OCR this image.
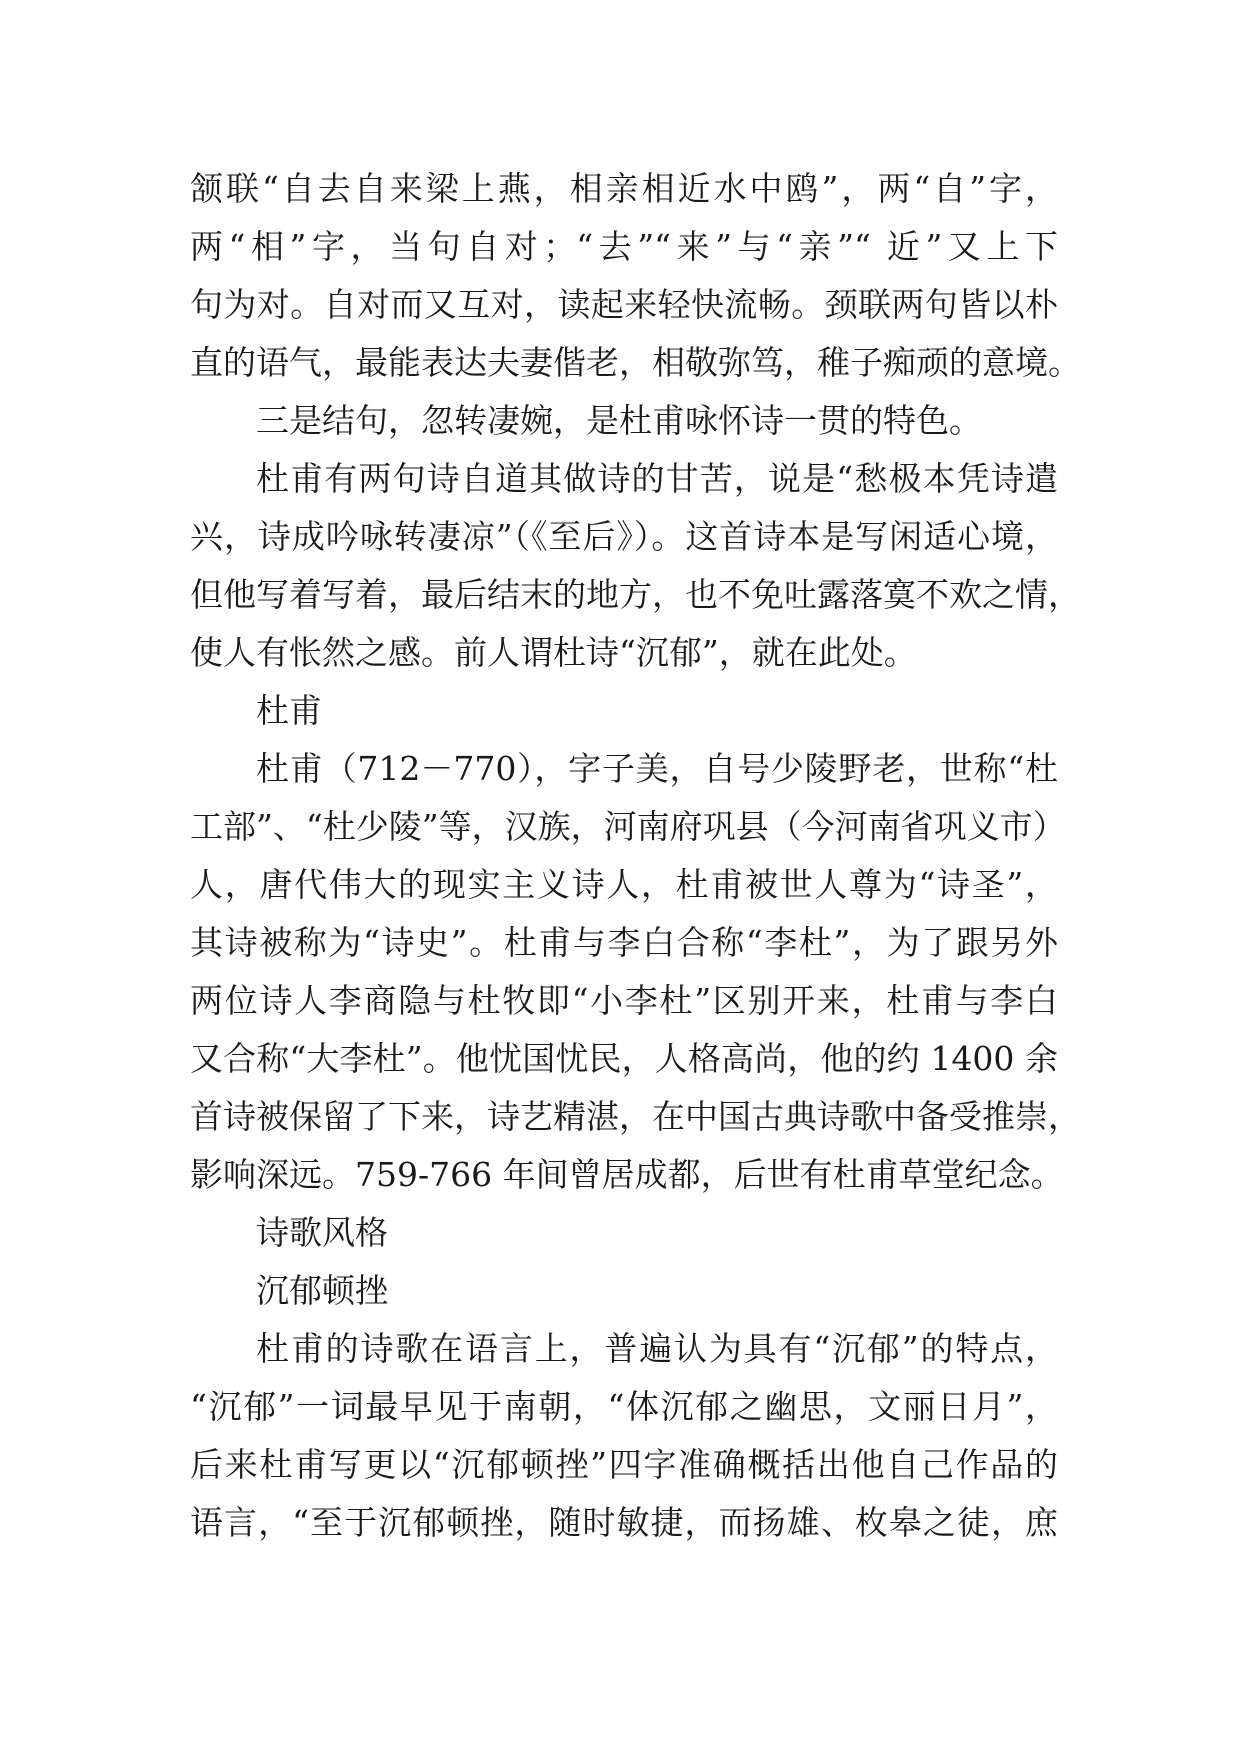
颔联“自去自来梁上燕，相亲相近水中鸥”，两“自”字，
两“相”字，当句自对；“去”“来”与“亲”“ 近”又上下
句为对。自对而又互对，读起来轻快流畅。颈联两句皆以朴
直的语气，最能表达夫妻偕老，相敬弥笃，稚子痴顽的意境。
三是结句，忽转凄婉，是杜甫咏怀诗一贯的特色。
杜甫有两句诗自道其做诗的甘苦，说是“愁极本凭诗遣
兴，诗成吟咏转凄凉”（《至后》）。这首诗本是写闲适心境，
但他写着写着，最后结末的地方，也不免吐露落寞不欢之情，
使人有怅然之感。前人谓杜诗“沉郁”，就在此处。
杜甫
杜甫（712－770），字子美，自号少陵野老，世称“杜
工部”、“杜少陵”等，汉族，河南府巩县（今河南省巩义市）
人，唐代伟大的现实主义诗人，杜甫被世人尊为“诗圣”，
其诗被称为“诗史”。杜甫与李白合称“李杜”，为了跟另外
两位诗人李商隐与杜牧即“小李杜”区别开来，杜甫与李白
又合称“大李杜”。他忧国忧民，人格高尚，他的约 1400 余
首诗被保留了下来，诗艺精湛，在中国古典诗歌中备受推崇，
影响深远。759-766 年间曾居成都，后世有杜甫草堂纪念。
诗歌风格
沉郁顿挫
杜甫的诗歌在语言上，普遍认为具有“沉郁”的特点，
“沉郁”一词最早见于南朝，“体沉郁之幽思，文丽日月”，
后来杜甫写更以“沉郁顿挫”四字准确概括出他自己作品的
语言，“至于沉郁顿挫，随时敏捷，而扬雄、枚皋之徒，庶
